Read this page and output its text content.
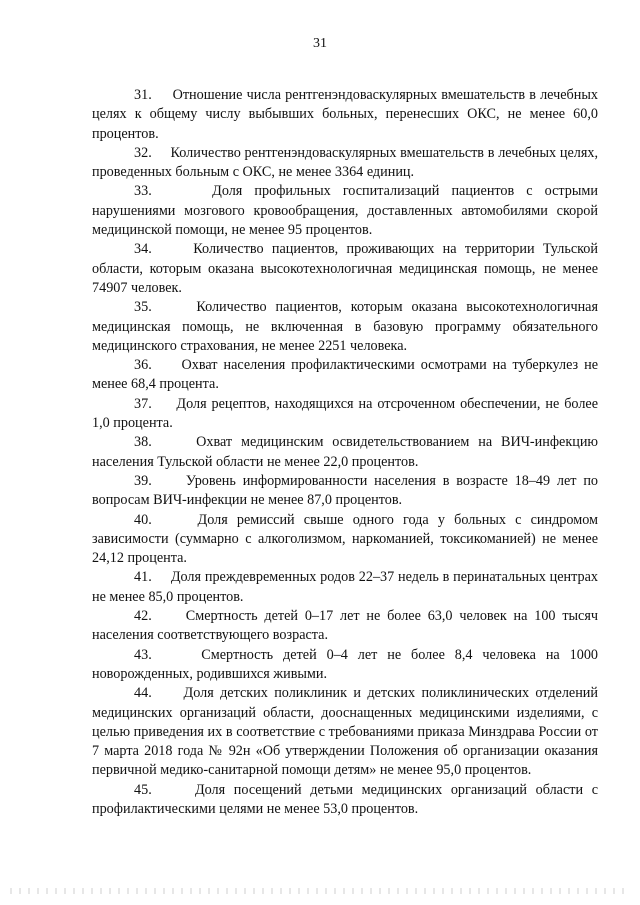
31

31. Отношение числа рентгенэндоваскулярных вмешательств в лечебных целях к общему числу выбывших больных, перенесших ОКС, не менее 60,0 процентов.

32. Количество рентгенэндоваскулярных вмешательств в лечебных целях, проведенных больным с ОКС, не менее 3364 единиц.

33.	Доля профильных госпитализаций пациентов с острыми нарушениями мозгового кровообращения, доставленных автомобилями скорой медицинской помощи, не менее 95 процентов.

34.	Количество пациентов, проживающих на территории Тульской области, которым оказана высокотехнологичная медицинская помощь, не менее 74907 человек.

35.	Количество пациентов, которым оказана высокотехнологичная медицинская помощь, не включенная в базовую программу обязательного медицинского страхования, не менее 2251 человека.

36. Охват населения профилактическими осмотрами на туберкулез не менее 68,4 процента.

37. Доля рецептов, находящихся на отсроченном обеспечении, не более 1,0 процента.

38.	Охват медицинским освидетельствованием на ВИЧ-инфекцию населения Тульской области не менее 22,0 процентов.

39. Уровень информированности населения в возрасте 18–49 лет по вопросам ВИЧ-инфекции не менее 87,0 процентов.

40.	Доля ремиссий свыше одного года у больных с синдромом зависимости (суммарно с алкоголизмом, наркоманией, токсикоманией) не менее 24,12 процента.

41. Доля преждевременных родов 22–37 недель в перинатальных центрах не менее 85,0 процентов.

42. Смертность детей 0–17 лет не более 63,0 человек на 100 тысяч населения соответствующего возраста.

43.	Смертность детей 0–4 лет не более 8,4 человека на 1000 новорожденных, родившихся живыми.

44. Доля детских поликлиник и детских поликлинических отделений медицинских организаций области, дооснащенных медицинскими изделиями, с целью приведения их в соответствие с требованиями приказа Минздрава России от 7 марта 2018 года № 92н «Об утверждении Положения об организации оказания первичной медико-санитарной помощи детям» не менее 95,0 процентов.

45.	Доля посещений детьми медицинских организаций области с профилактическими целями не менее 53,0 процентов.
